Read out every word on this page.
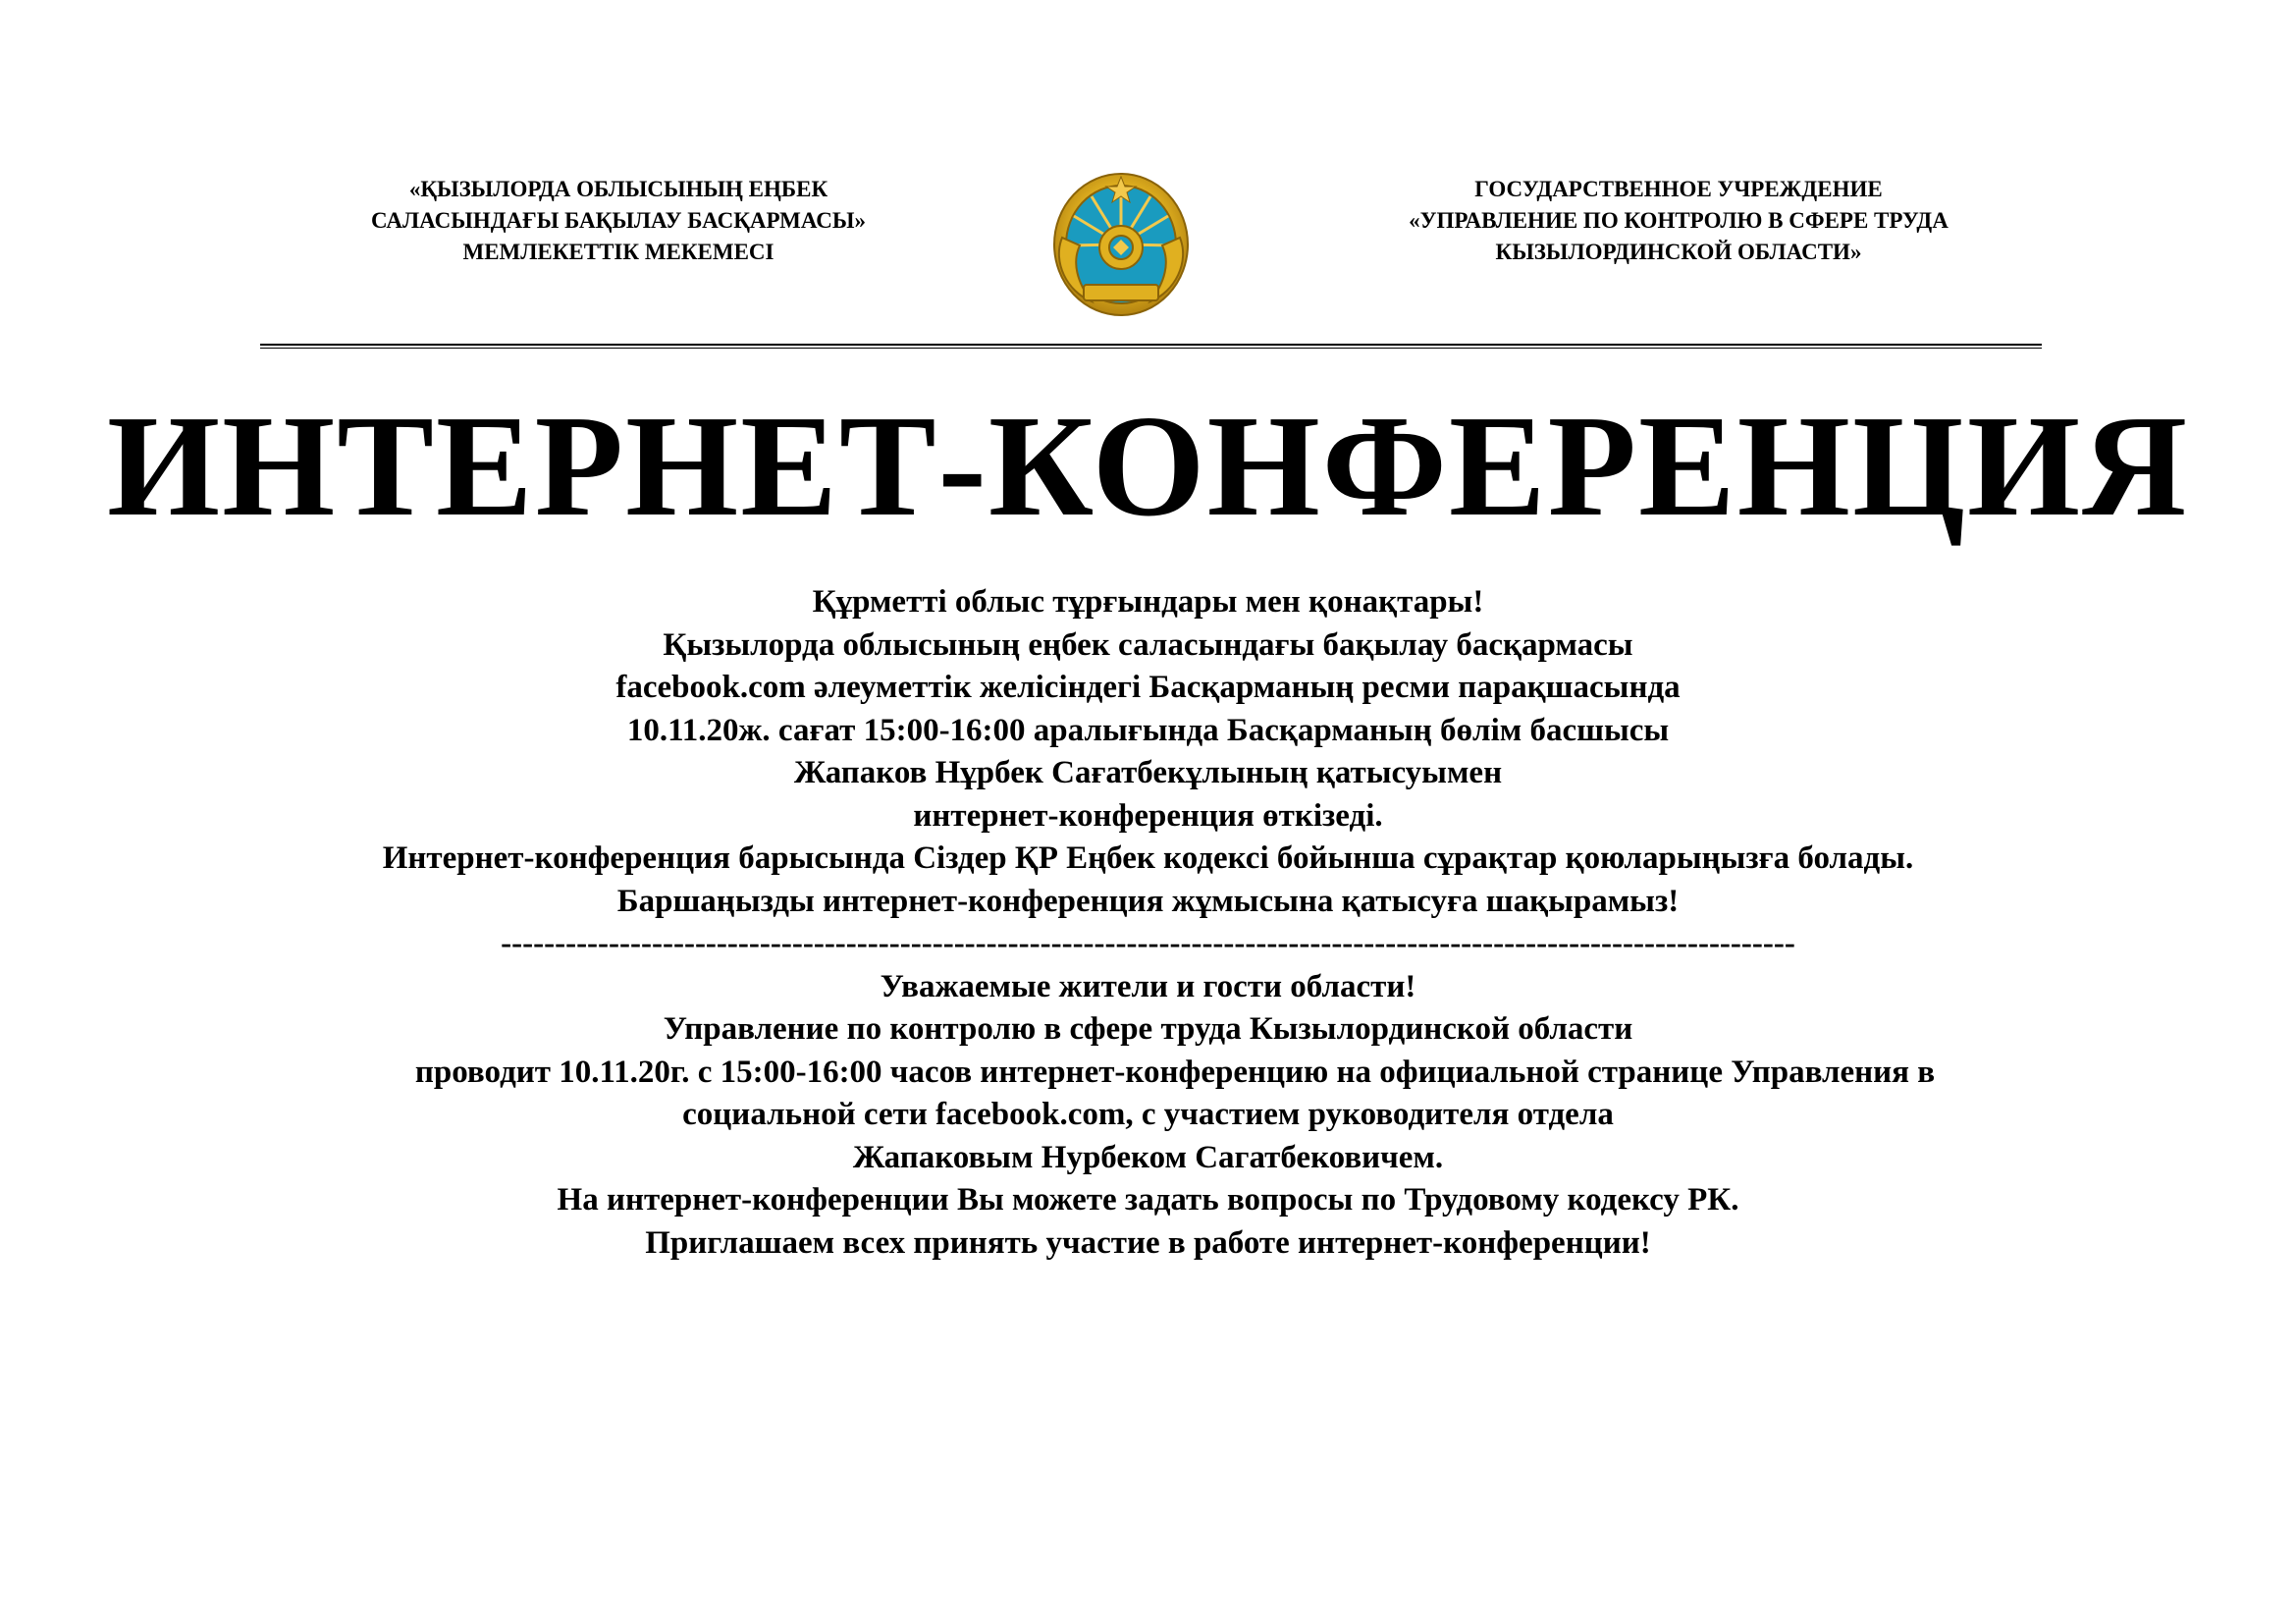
«ҚЫЗЫЛОРДА ОБЛЫСЫНЫҢ ЕҢБЕК
САЛАСЫНДАҒЫ БАҚЫЛАУ БАСҚАРМАСЫ»
МЕМЛЕКЕТТІК МЕКЕМЕСІ
ГОСУДАРСТВЕННОЕ УЧРЕЖДЕНИЕ
«УПРАВЛЕНИЕ ПО КОНТРОЛЮ В СФЕРЕ ТРУДА
КЫЗЫЛОРДИНСКОЙ ОБЛАСТИ»
ИНТЕРНЕТ-КОНФЕРЕНЦИЯ
Құрметті облыс тұрғындары мен қонақтары!
Қызылорда облысының еңбек саласындағы бақылау басқармасы
facebook.com әлеуметтік желісіндегі Басқарманың ресми парақшасында
10.11.20ж. сағат 15:00-16:00 аралығында Басқарманың бөлім басшысы
Жапаков Нұрбек Сағатбекұлының қатысуымен
интернет-конференция өткізеді.
Интернет-конференция барысында Сіздер ҚР Еңбек кодексі бойынша сұрақтар қоюларыңызға болады.
Баршаңызды интернет-конференция жұмысына қатысуға шақырамыз!
------------------------------------------------------------------------------------------------------------------------
Уважаемые жители и гости области!
Управление по контролю в сфере труда Кызылординской области
проводит 10.11.20г. с 15:00-16:00 часов интернет-конференцию на официальной странице Управления в
социальной сети facebook.com, с участием руководителя отдела
Жапаковым Нурбеком Сагатбековичем.
На интернет-конференции Вы можете задать вопросы по Трудовому кодексу РК.
Приглашаем всех принять участие в работе интернет-конференции!
